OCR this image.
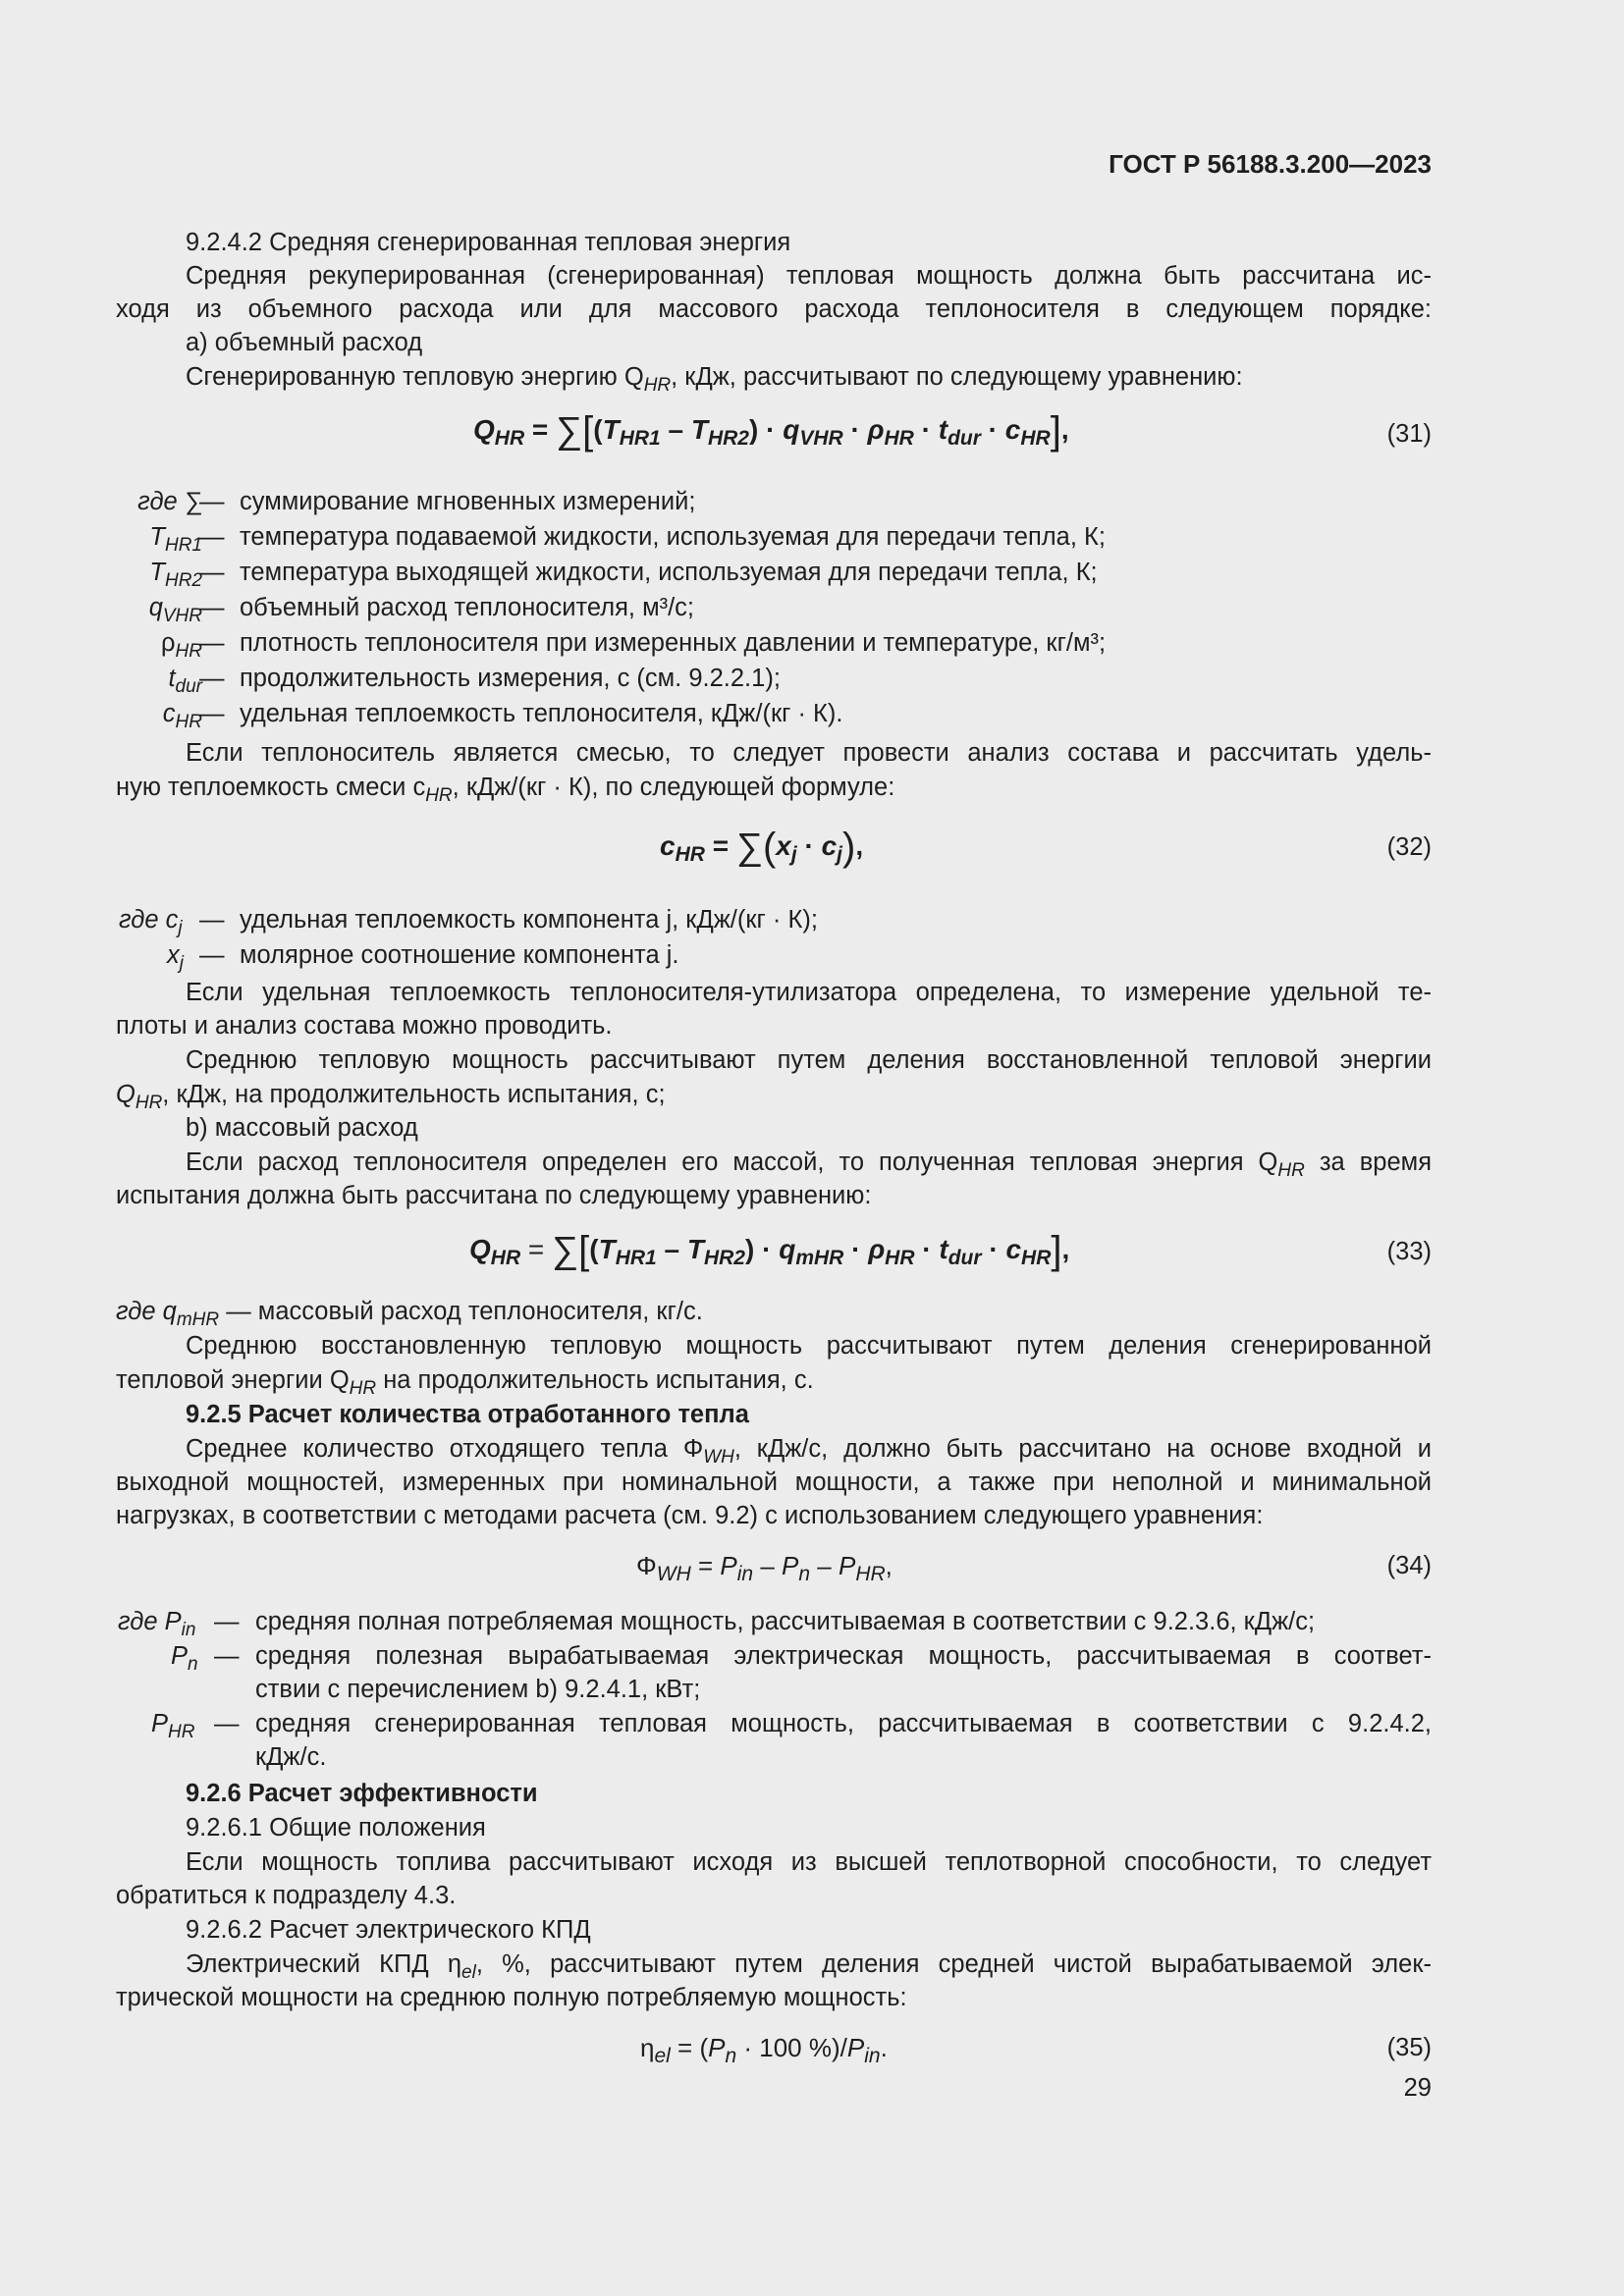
ГОСТ Р 56188.3.200—2023
9.2.4.2 Средняя сгенерированная тепловая энергия
Средняя рекуперированная (сгенерированная) тепловая мощность должна быть рассчитана ис-
ходя из объемного расхода или для массового расхода теплоносителя в следующем порядке:
а) объемный расход
Сгенерированную тепловую энергию $Q_{HR}$, кДж, рассчитывают по следующему уравнению:
$Q_{HR} = \sum[(T_{HR1} - T_{HR2}) \cdot q_{VHR} \cdot \rho_{HR} \cdot t_{dur} \cdot c_{HR}]$,	(31)
где ∑
— суммирование мгновенных измерений;
$T_{HR1}$
— температура подаваемой жидкости, используемая для передачи тепла, К;
$T_{HR2}$
— температура выходящей жидкости, используемая для передачи тепла, К;
$q_{VHR}$
— объемный расход теплоносителя, м³/с;
$\rho_{HR}$
— плотность теплоносителя при измеренных давлении и температуре, кг/м³;
$t_{dur}$
— продолжительность измерения, с (см. 9.2.2.1);
$c_{HR}$
— удельная теплоемкость теплоносителя, кДж/(кг · К).
Если теплоноситель является смесью, то следует провести анализ состава и рассчитать удель-
ную теплоемкость смеси $c_{HR}$, кДж/(кг · К), по следующей формуле:
$c_{HR} = \sum(x_j \cdot c_j)$,	(32)
где $c_j$ — удельная теплоемкость компонента j, кДж/(кг · К);
$x_j$ — молярное соотношение компонента j.
Если удельная теплоемкость теплоносителя-утилизатора определена, то измерение удельной те-
плоты и анализ состава можно проводить.
Среднюю тепловую мощность рассчитывают путем деления восстановленной тепловой энергии
$Q_{HR}$, кДж, на продолжительность испытания, с;
b) массовый расход
Если расход теплоносителя определен его массой, то полученная тепловая энергия $Q_{HR}$ за время
испытания должна быть рассчитана по следующему уравнению:
$Q_{HR} = \sum[(T_{HR1} - T_{HR2}) \cdot q_{mHR} \cdot \rho_{HR} \cdot t_{dur} \cdot c_{HR}]$,	(33)
где $q_{mHR}$ — массовый расход теплоносителя, кг/с.
Среднюю восстановленную тепловую мощность рассчитывают путем деления сгенерированной
тепловой энергии $Q_{HR}$ на продолжительность испытания, с.
9.2.5 Расчет количества отработанного тепла
Среднее количество отходящего тепла $\Phi_{WH}$, кДж/с, должно быть рассчитано на основе входной и
выходной мощностей, измеренных при номинальной мощности, а также при неполной и минимальной
нагрузках, в соответствии с методами расчета (см. 9.2) с использованием следующего уравнения:
$\Phi_{WH} = P_{in} - P_n - P_{HR}$,	(34)
где $P_{in}$ — средняя полная потребляемая мощность, рассчитываемая в соответствии с 9.2.3.6, кДж/с;
$P_n$ — средняя полезная вырабатываемая электрическая мощность, рассчитываемая в соответ-
ствии с перечислением b) 9.2.4.1, кВт;
$P_{HR}$ — средняя сгенерированная тепловая мощность, рассчитываемая в соответствии с 9.2.4.2,
кДж/с.
9.2.6 Расчет эффективности
9.2.6.1 Общие положения
Если мощность топлива рассчитывают исходя из высшей теплотворной способности, то следует
обратиться к подразделу 4.3.
9.2.6.2 Расчет электрического КПД
Электрический КПД $\eta_{el}$, %, рассчитывают путем деления средней чистой вырабатываемой элек-
трической мощности на среднюю полную потребляемую мощность:
$\eta_{el} = (P_n \cdot 100$ $\%)/P_{in}$.	(35)
29
